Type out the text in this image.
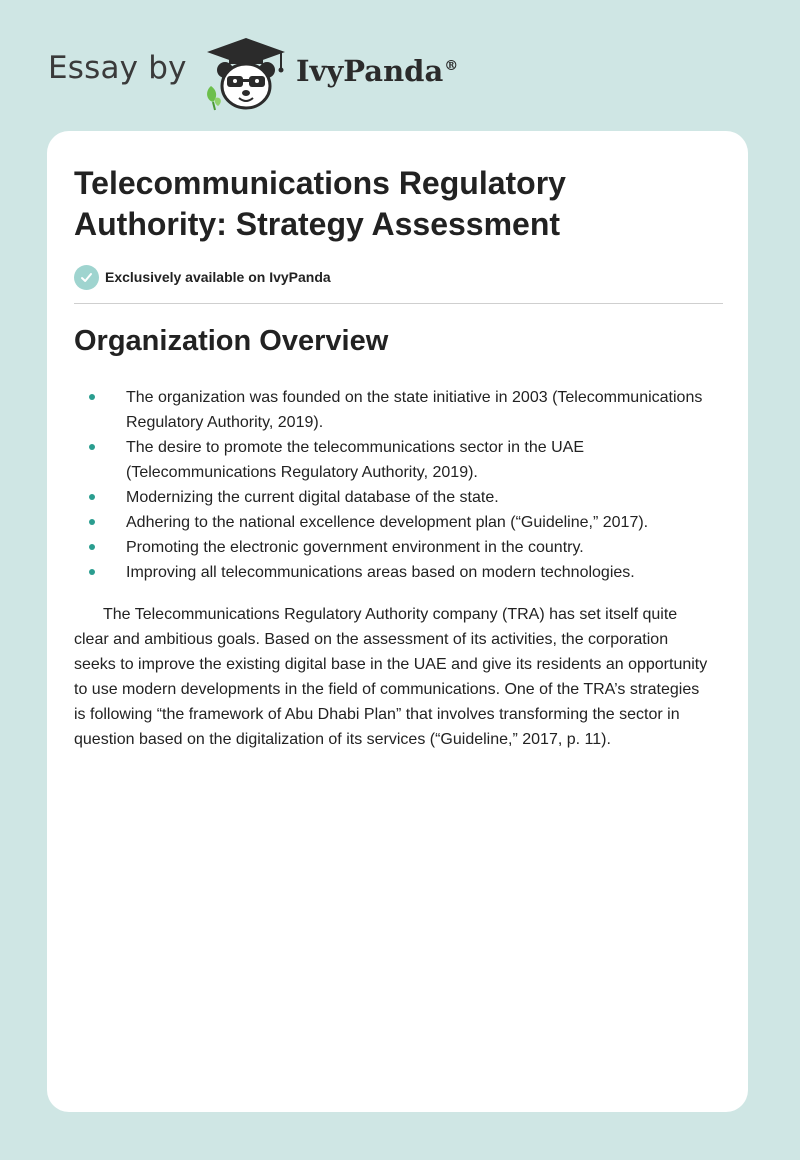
Essay by	IvyPanda®
Telecommunications Regulatory Authority: Strategy Assessment
Exclusively available on IvyPanda
Organization Overview
The organization was founded on the state initiative in 2003 (Telecommunications Regulatory Authority, 2019).
The desire to promote the telecommunications sector in the UAE (Telecommunications Regulatory Authority, 2019).
Modernizing the current digital database of the state.
Adhering to the national excellence development plan (“Guideline,” 2017).
Promoting the electronic government environment in the country.
Improving all telecommunications areas based on modern technologies.

The Telecommunications Regulatory Authority company (TRA) has set itself quite clear and ambitious goals. Based on the assessment of its activities, the corporation seeks to improve the existing digital base in the UAE and give its residents an opportunity to use modern developments in the field of communications. One of the TRA’s strategies is following “the framework of Abu Dhabi Plan” that involves transforming the sector in question based on the digitalization of its services (“Guideline,” 2017, p. 11).
